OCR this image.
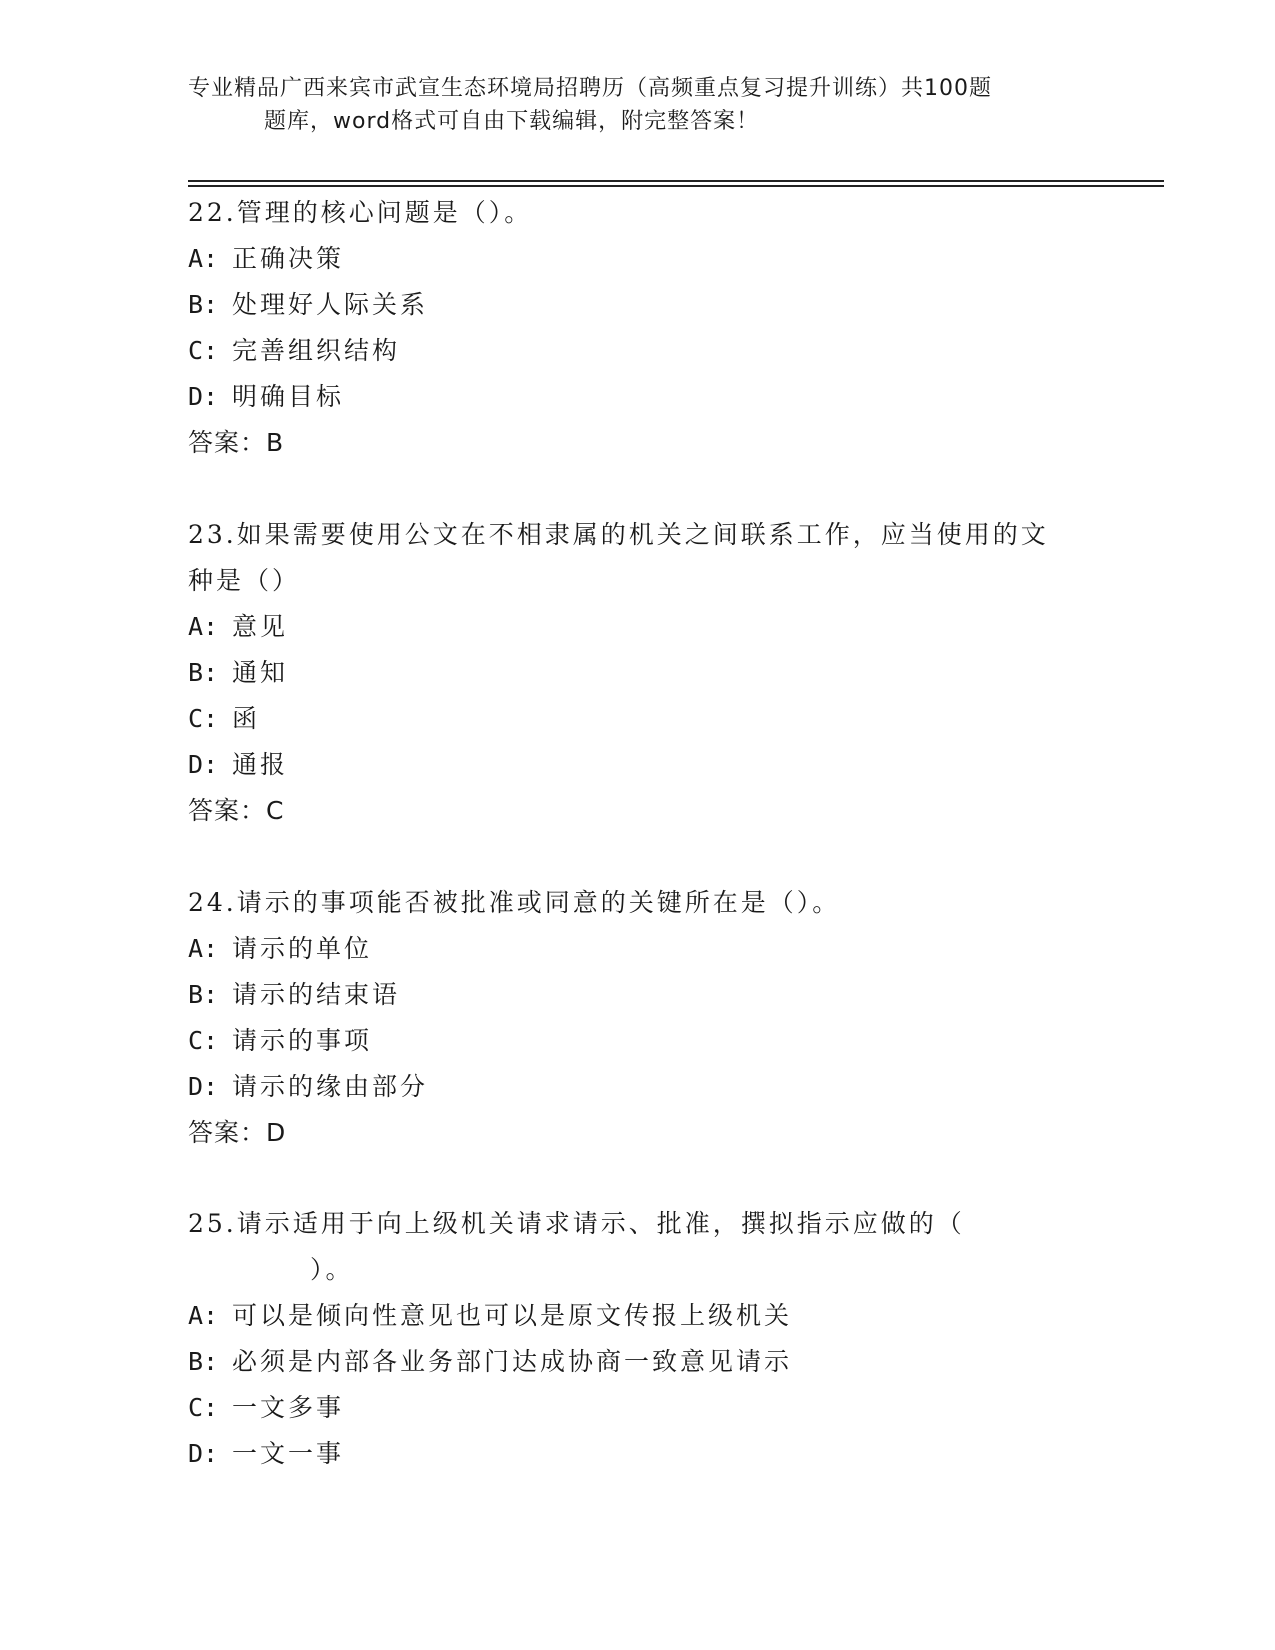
专业精品广西来宾市武宣生态环境局招聘历（高频重点复习提升训练）共100题
题库，word格式可自由下载编辑，附完整答案！

22.管理的核心问题是（）。

A: 正确决策

B: 处理好人际关系

C: 完善组织结构

D: 明确目标

答案：B

23.如果需要使用公文在不相隶属的机关之间联系工作，应当使用的文

种是（）

A: 意见

B: 通知

C: 函

D: 通报

答案：C

24.请示的事项能否被批准或同意的关键所在是（）。

A: 请示的单位

B: 请示的结束语

C: 请示的事项

D: 请示的缘由部分

答案：D

25.请示适用于向上级机关请求请示、批准，撰拟指示应做的（

）。

A: 可以是倾向性意见也可以是原文传报上级机关

B: 必须是内部各业务部门达成协商一致意见请示

C: 一文多事

D: 一文一事
